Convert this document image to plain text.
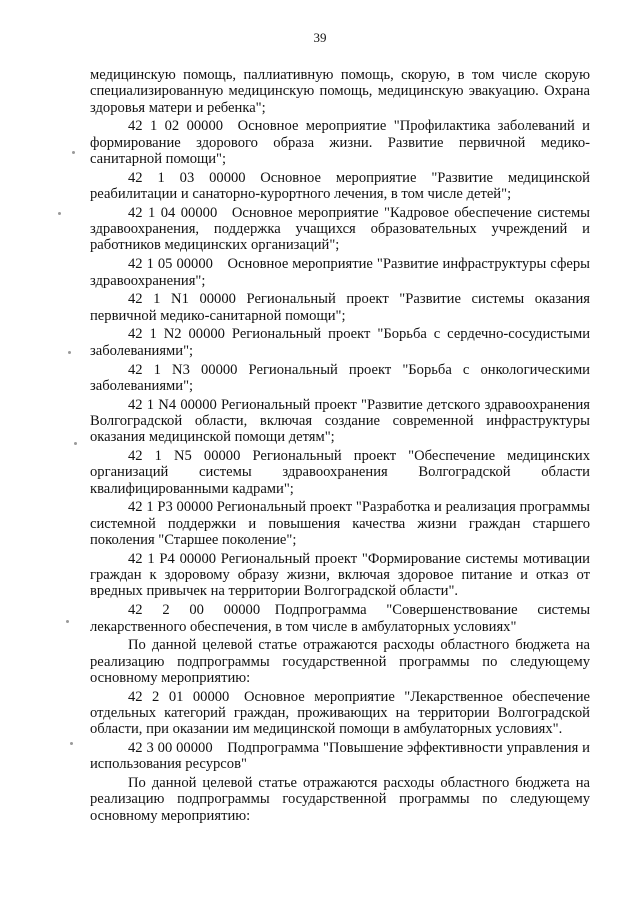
39

медицинскую помощь, паллиативную помощь, скорую, в том числе скорую специализированную медицинскую помощь, медицинскую эвакуацию. Охрана здоровья матери и ребенка";

42 1 02 00000 Основное мероприятие "Профилактика заболеваний и формирование здорового образа жизни. Развитие первичной медико-санитарной помощи";

42 1 03 00000 Основное мероприятие "Развитие медицинской реабилитации и санаторно-курортного лечения, в том числе детей";

42 1 04 00000 Основное мероприятие "Кадровое обеспечение системы здравоохранения, поддержка учащихся образовательных учреждений и работников медицинских организаций";

42 1 05 00000 Основное мероприятие "Развитие инфраструктуры сферы здравоохранения";

42 1 N1 00000 Региональный проект "Развитие системы оказания первичной медико-санитарной помощи";

42 1 N2 00000 Региональный проект "Борьба с сердечно-сосудистыми заболеваниями";

42 1 N3 00000 Региональный проект "Борьба с онкологическими заболеваниями";

42 1 N4 00000 Региональный проект "Развитие детского здравоохранения Волгоградской области, включая создание современной инфраструктуры оказания медицинской помощи детям";

42 1 N5 00000 Региональный проект "Обеспечение медицинских организаций системы здравоохранения Волгоградской области квалифицированными кадрами";

42 1 P3 00000 Региональный проект "Разработка и реализация программы системной поддержки и повышения качества жизни граждан старшего поколения "Старшее поколение";

42 1 P4 00000 Региональный проект "Формирование системы мотивации граждан к здоровому образу жизни, включая здоровое питание и отказ от вредных привычек на территории Волгоградской области".

42 2 00 00000 Подпрограмма "Совершенствование системы лекарственного обеспечения, в том числе в амбулаторных условиях"

По данной целевой статье отражаются расходы областного бюджета на реализацию подпрограммы государственной программы по следующему основному мероприятию:

42 2 01 00000 Основное мероприятие "Лекарственное обеспечение отдельных категорий граждан, проживающих на территории Волгоградской области, при оказании им медицинской помощи в амбулаторных условиях".

42 3 00 00000 Подпрограмма "Повышение эффективности управления и использования ресурсов"

По данной целевой статье отражаются расходы областного бюджета на реализацию подпрограммы государственной программы по следующему основному мероприятию:
